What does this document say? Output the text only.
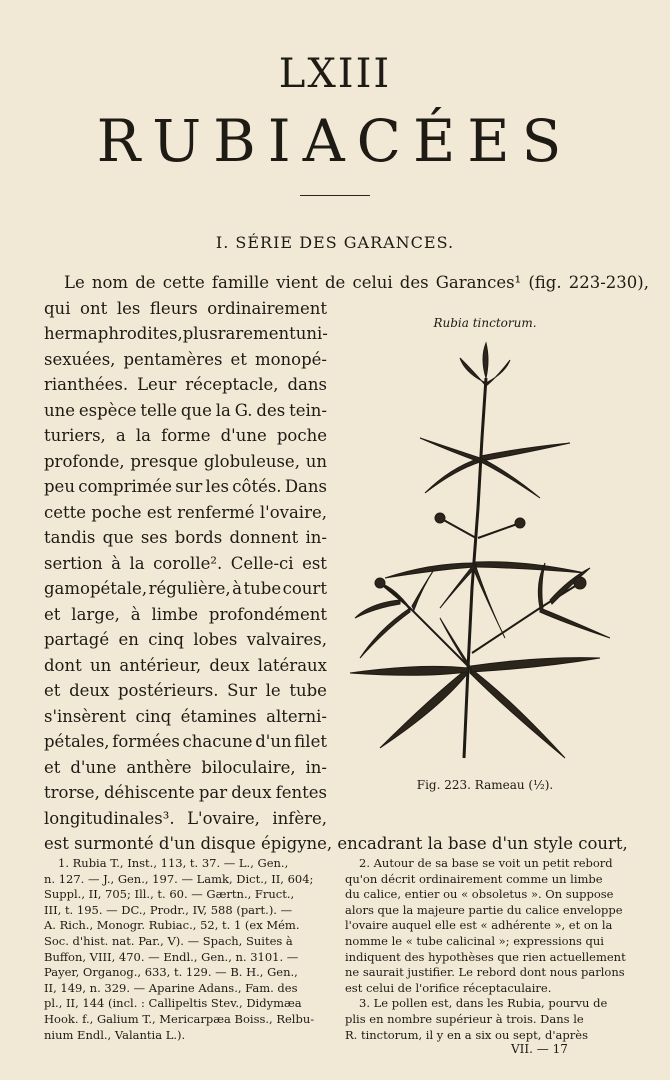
LXIII
RUBIACÉES
I. SÉRIE DES GARANCES.
Le nom de cette famille vient de celui des Garances¹ (fig. 223-230),
qui ont les fleurs ordinairement
hermaphrodites, plus rarement uni-
sexuées, pentamères et monopé-
rianthées. Leur réceptacle, dans
une espèce telle que la G. des tein-
turiers, a la forme d'une poche
profonde, presque globuleuse, un
peu comprimée sur les côtés. Dans
cette poche est renfermé l'ovaire,
tandis que ses bords donnent in-
sertion à la corolle². Celle-ci est
gamopétale, régulière, à tube court
et large, à limbe profondément
partagé en cinq lobes valvaires,
dont un antérieur, deux latéraux
et deux postérieurs. Sur le tube
s'insèrent cinq étamines alterni-
pétales, formées chacune d'un filet
et d'une anthère biloculaire, in-
trorse, déhiscente par deux fentes
longitudinales³. L'ovaire, infère,
est surmonté d'un disque épigyne, encadrant la base d'un style court,
Rubia tinctorum.
Fig. 223. Rameau (½).
1. Rubia T., Inst., 113, t. 37. — L., Gen.,
n. 127. — J., Gen., 197. — Lamk, Dict., II, 604;
Suppl., II, 705; Ill., t. 60. — Gærtn., Fruct.,
III, t. 195. — DC., Prodr., IV, 588 (part.). —
A. Rich., Monogr. Rubiac., 52, t. 1 (ex Mém.
Soc. d'hist. nat. Par., V). — Spach, Suites à
Buffon, VIII, 470. — Endl., Gen., n. 3101. —
Payer, Organog., 633, t. 129. — B. H., Gen.,
II, 149, n. 329. — Aparine Adans., Fam. des
pl., II, 144 (incl. : Callipeltis Stev., Didymæa
Hook. f., Galium T., Mericarpæa Boiss., Relbu-
nium Endl., Valantia L.).
2. Autour de sa base se voit un petit rebord
qu'on décrit ordinairement comme un limbe
du calice, entier ou « obsoletus ». On suppose
alors que la majeure partie du calice enveloppe
l'ovaire auquel elle est « adhérente », et on la
nomme le « tube calicinal »; expressions qui
indiquent des hypothèses que rien actuellement
ne saurait justifier. Le rebord dont nous parlons
est celui de l'orifice réceptaculaire.
3. Le pollen est, dans les Rubia, pourvu de
plis en nombre supérieur à trois. Dans le
R. tinctorum, il y en a six ou sept, d'après
VII. — 17
